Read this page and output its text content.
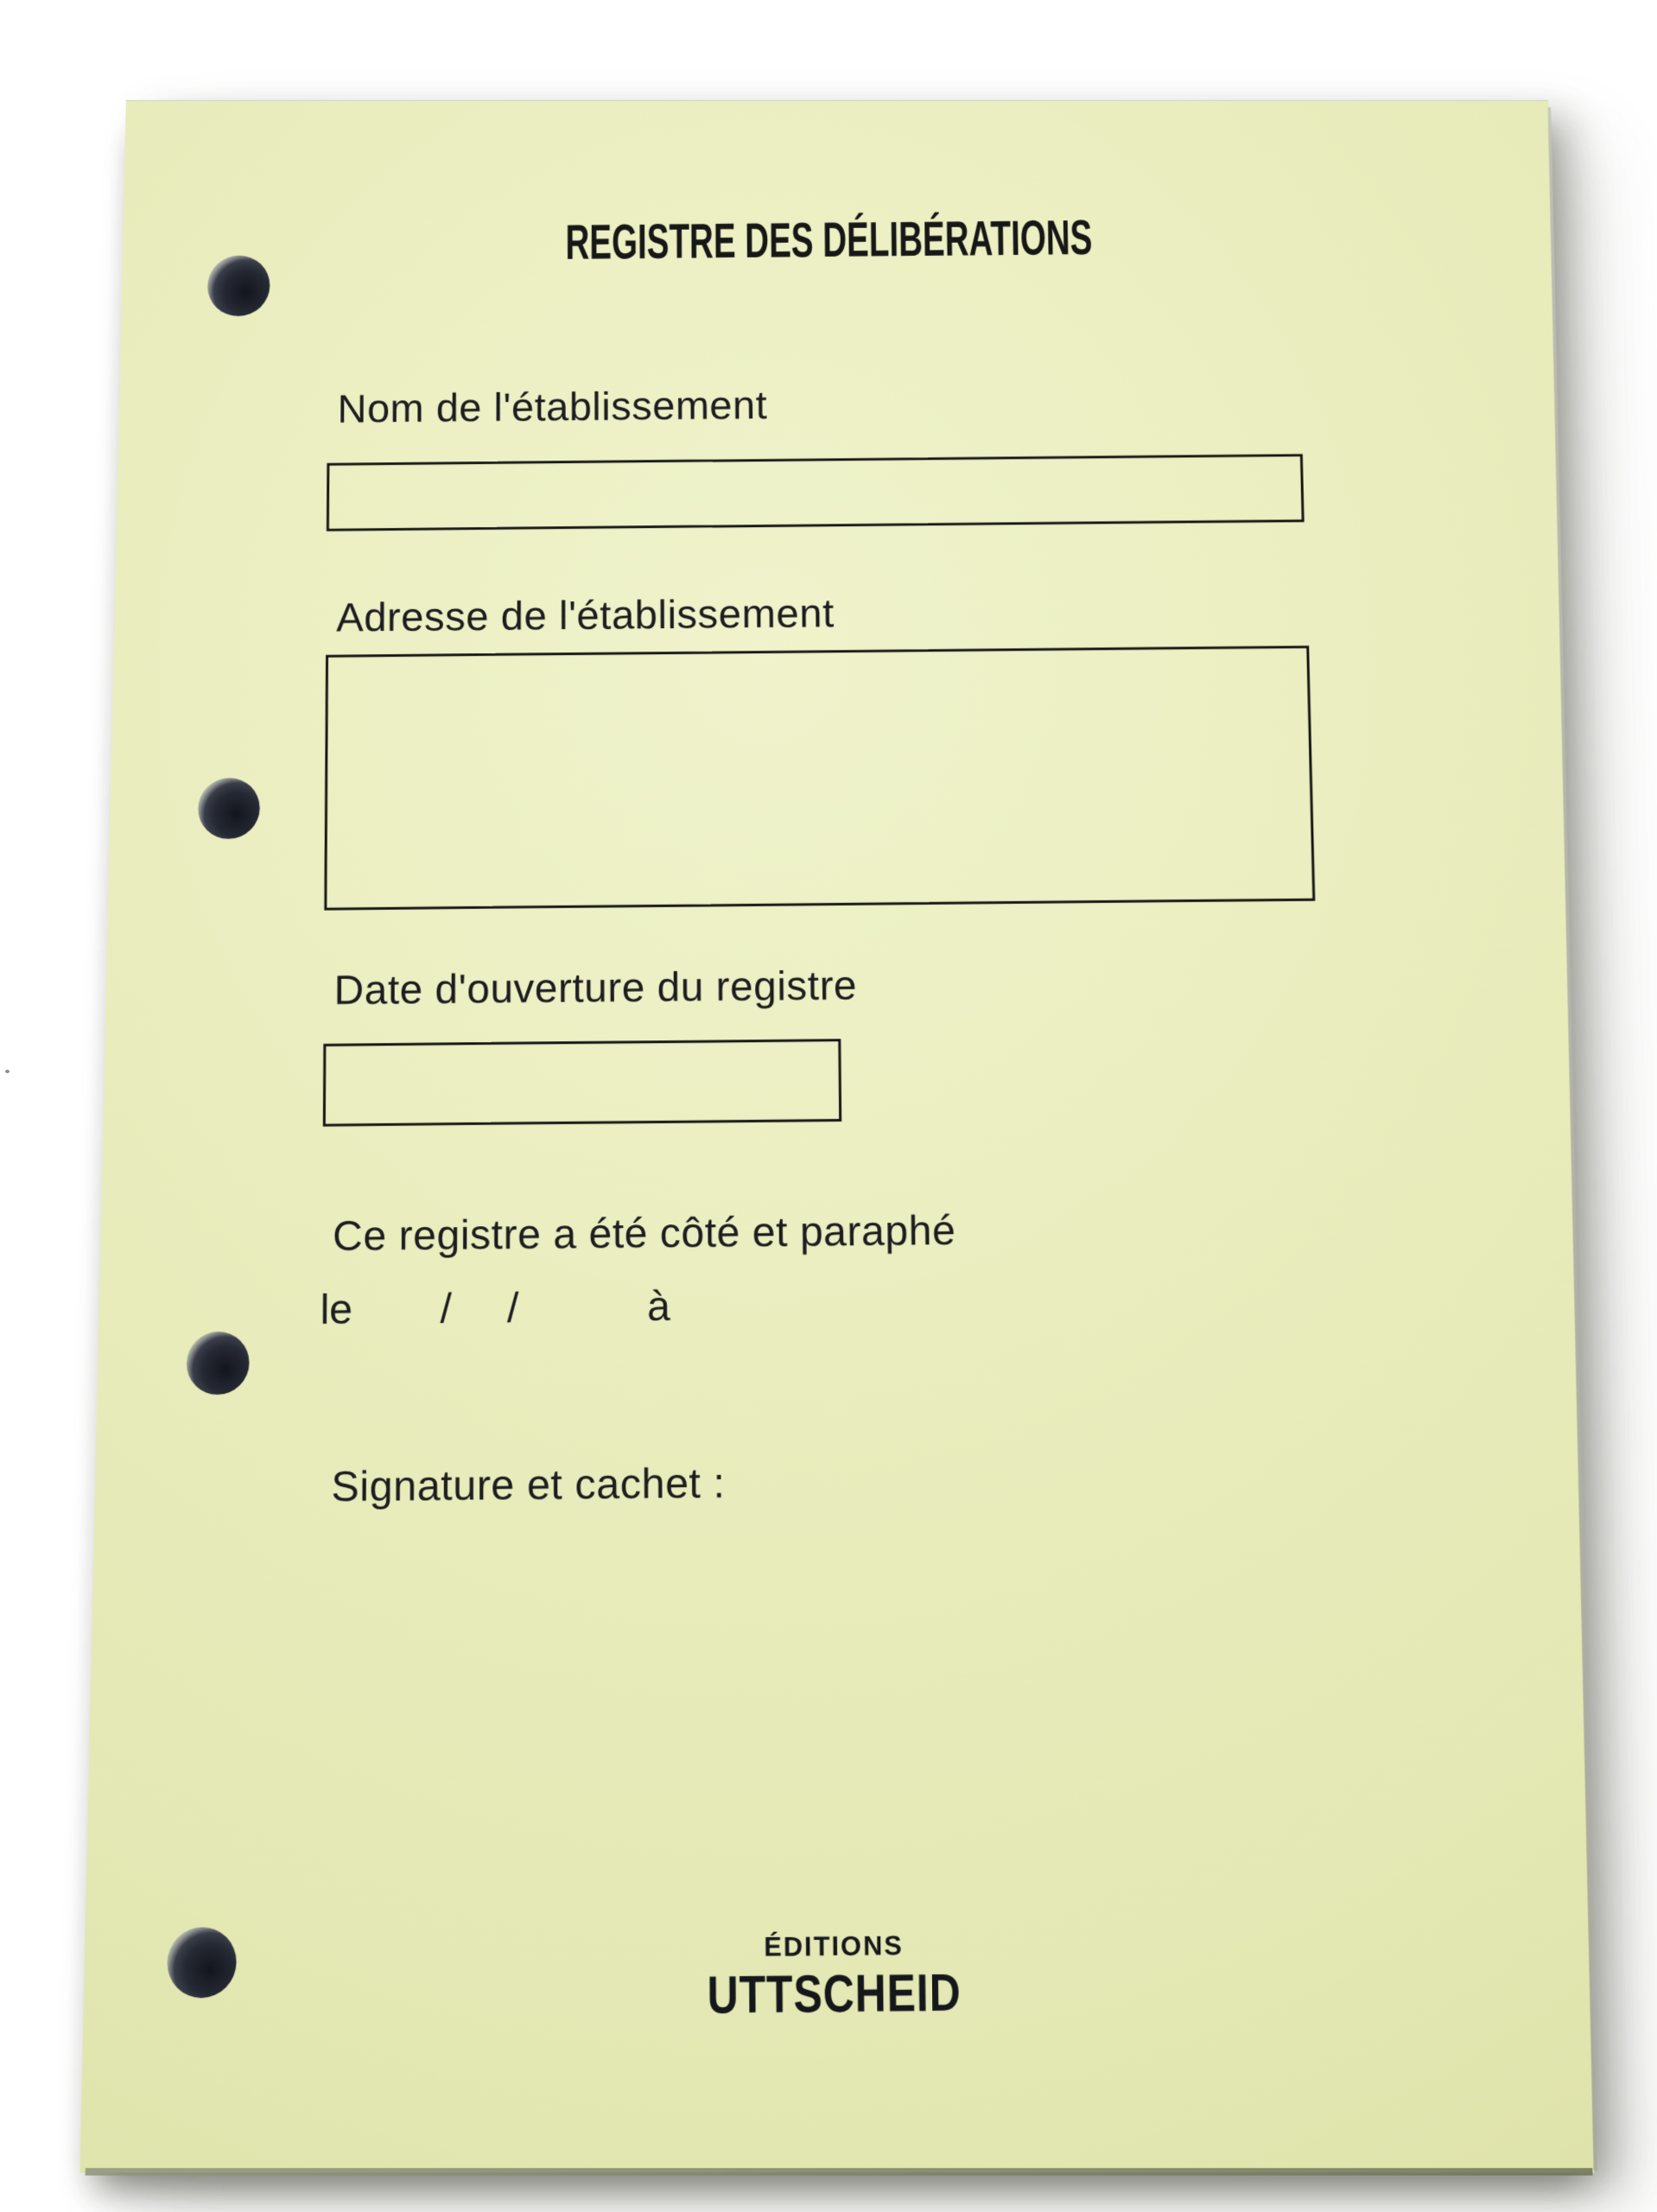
REGISTRE DES DÉLIBÉRATIONS
Nom de l'établissement
Adresse de l'établissement
Date d'ouverture du registre
Ce registre a été côté et paraphé
le / /	à
Signature et cachet :
ÉDITIONS
UTTSCHEID
